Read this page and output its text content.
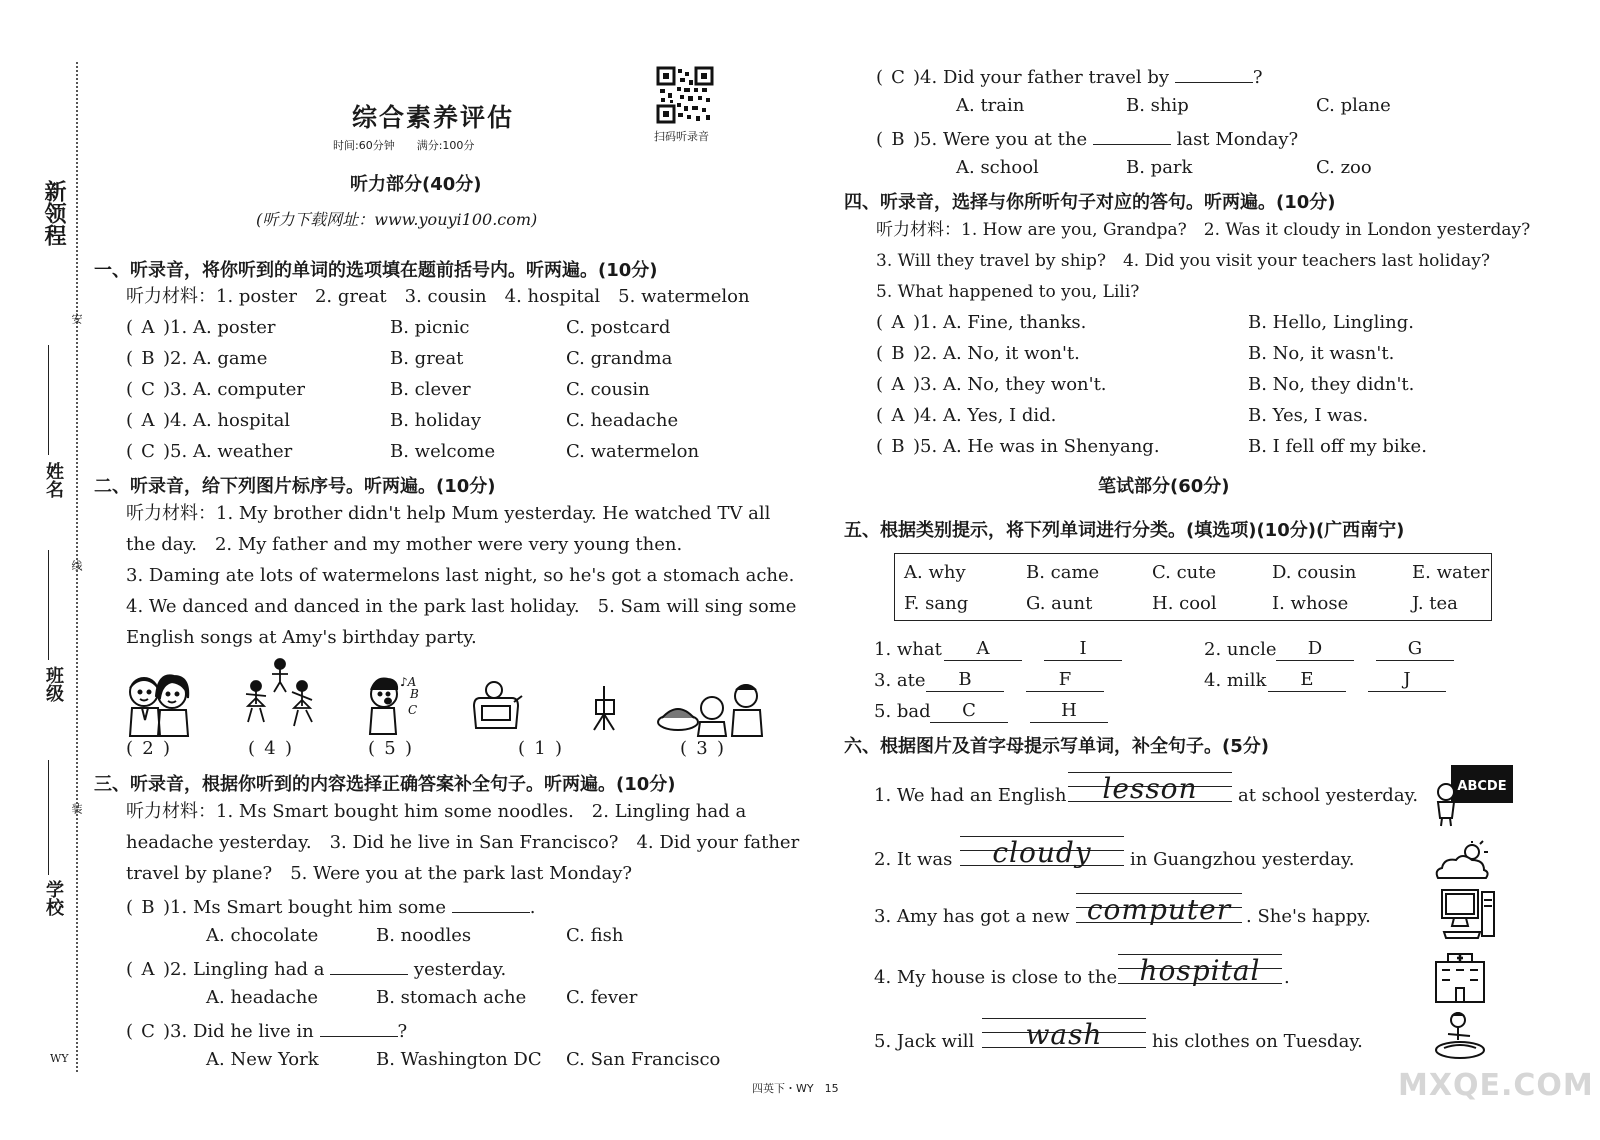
新领程
姓名
班级
学校
安
线
装
WY
综合素养评估
时间:60分钟　　满分:100分
扫码听录音
听力部分(40分)
(听力下载网址：www.youyi100.com)
一、听录音，将你听到的单词的选项填在题前括号内。听两遍。(10分)
听力材料：1. poster　2. great　3. cousin　4. hospital　5. watermelon
( A )1. A. poster	B. picnic	C. postcard
( B )2. A. game	B. great	C. grandma
( C )3. A. computer	B. clever	C. cousin
( A )4. A. hospital	B. holiday	C. headache
( C )5. A. weather	B. welcome	C. watermelon
二、听录音，给下列图片标序号。听两遍。(10分)
听力材料：1. My brother didn't help Mum yesterday. He watched TV all
the day.　2. My father and my mother were very young then.
3. Daming ate lots of watermelons last night, so he's got a stomach ache.
4. We danced and danced in the park last holiday.　5. Sam will sing some
English songs at Amy's birthday party.
♪A
B
C
( 2 )	( 4 )	( 5 )	( 1 )	( 3 )
三、听录音，根据你听到的内容选择正确答案补全句子。听两遍。(10分)
听力材料：1. Ms Smart bought him some noodles.　2. Lingling had a
headache yesterday.　3. Did he live in San Francisco?　4. Did your father
travel by plane?　5. Were you at the park last Monday?
( B )1. Ms Smart bought him some	.
A. chocolate	B. noodles	C. fish
( A )2. Lingling had a	yesterday.
A. headache	B. stomach ache C. fever
( C )3. Did he live in	?
A. New York	B. Washington DC C. San Francisco
( C )4. Did your father travel by	?
A. train	B. ship	C. plane
( B )5. Were you at the	last Monday?
A. school	B. park	C. zoo
四、听录音，选择与你所听句子对应的答句。听两遍。(10分)
听力材料：1. How are you, Grandpa?　2. Was it cloudy in London yesterday?
3. Will they travel by ship?　4. Did you visit your teachers last holiday?
5. What happened to you, Lili?
( A )1. A. Fine, thanks.	B. Hello, Lingling.
( B )2. A. No, it won't.	B. No, it wasn't.
( A )3. A. No, they won't.	B. No, they didn't.
( A )4. A. Yes, I did.	B. Yes, I was.
( B )5. A. He was in Shenyang.	B. I fell off my bike.
笔试部分(60分)
五、根据类别提示，将下列单词进行分类。(填选项)(10分)(广西南宁)
A. why	B. came	C. cute	D. cousin	E. water
F. sang	G. aunt	H. cool	I. whose	J. tea
1. what	A	I	2. uncle	D	G
3. ate	B	F	4. milk	E	J
5. bad	C	H
六、根据图片及首字母提示写单词，补全句子。(5分)
1. We had an English	lesson	at school yesterday.
2. It was	cloudy	in Guangzhou yesterday.
3. Amy has got a new computer . She's happy.
4. My house is close to the hospital	.
5. Jack will	wash	his clothes on Tuesday.
ABCDE
四英下・WY　15	MXQE.COM
